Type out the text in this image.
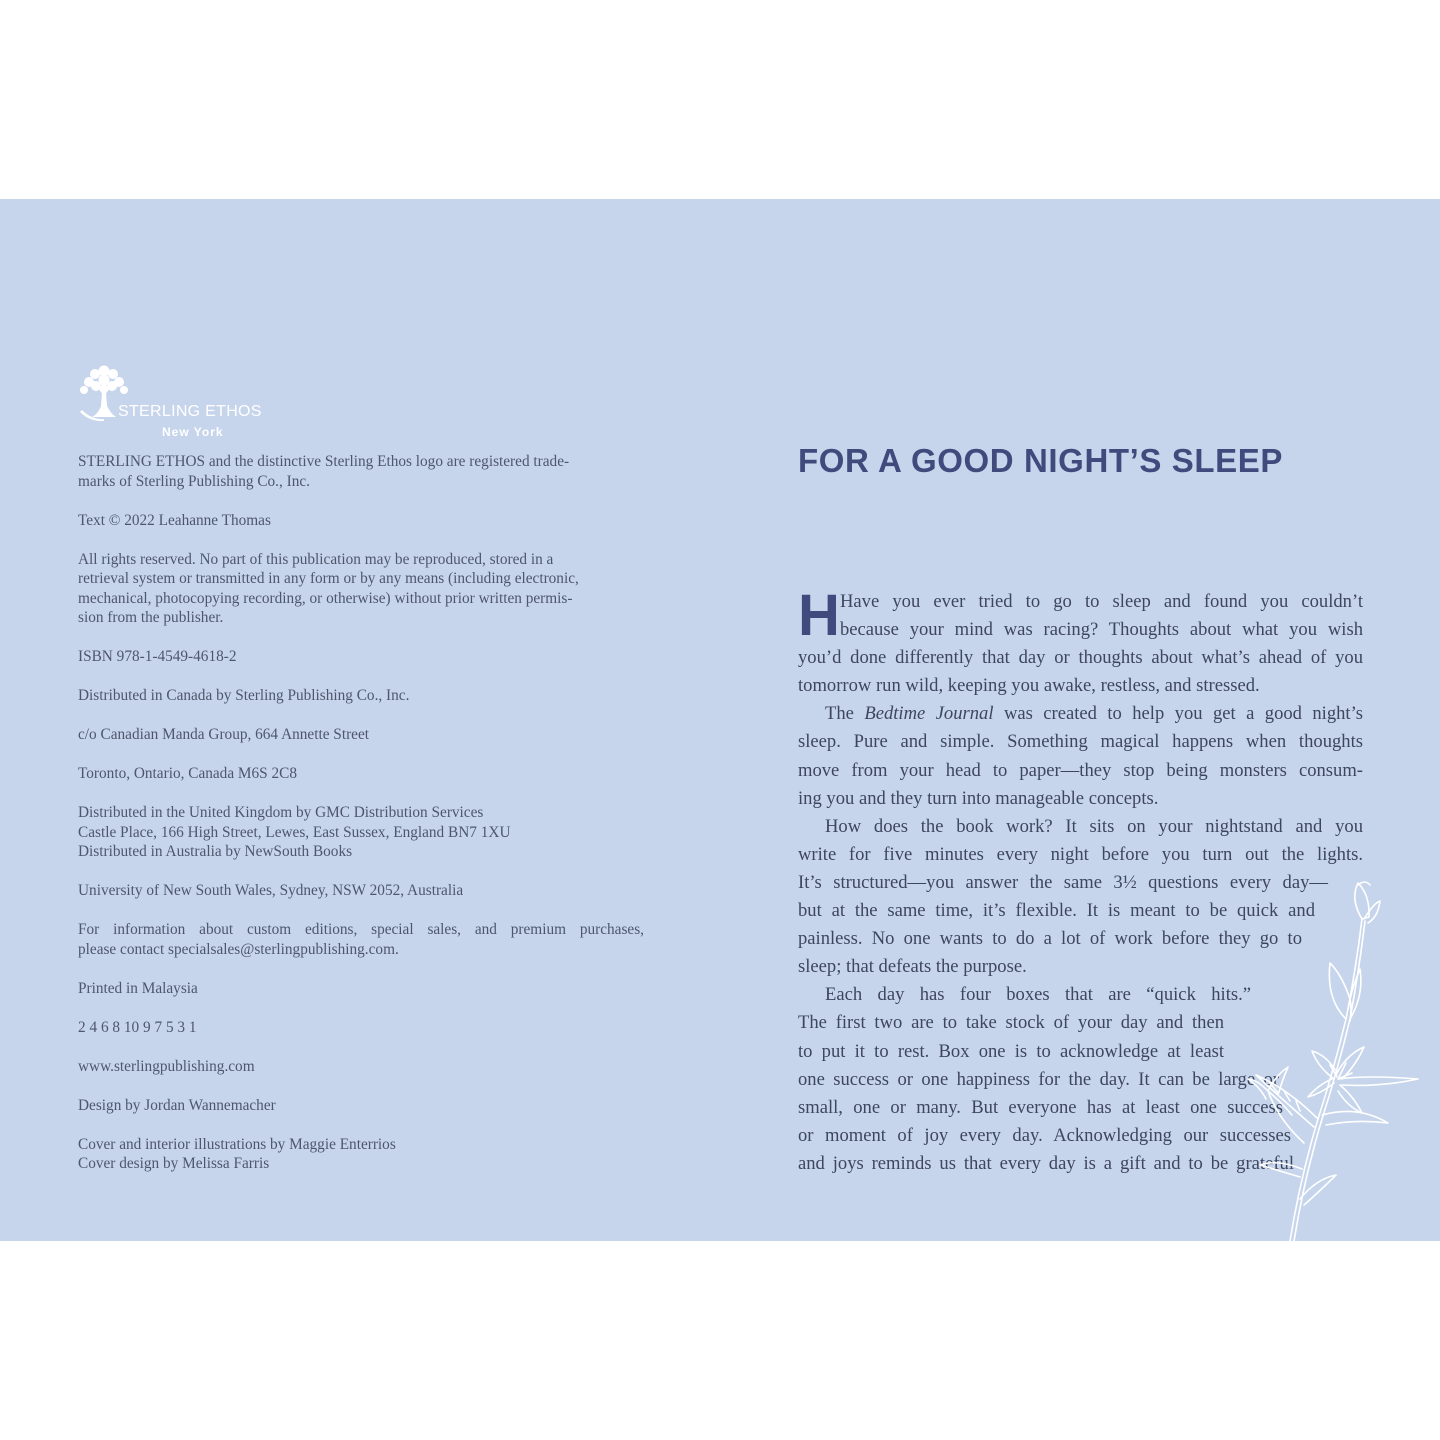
STERLING ETHOS
New York

STERLING ETHOS and the distinctive Sterling Ethos logo are registered trade-
marks of Sterling Publishing Co., Inc.

Text © 2022 Leahanne Thomas

All rights reserved. No part of this publication may be reproduced, stored in a
retrieval system or transmitted in any form or by any means (including electronic,
mechanical, photocopying recording, or otherwise) without prior written permis-
sion from the publisher.

ISBN 978-1-4549-4618-2

Distributed in Canada by Sterling Publishing Co., Inc.

c/o Canadian Manda Group, 664 Annette Street

Toronto, Ontario, Canada M6S 2C8

Distributed in the United Kingdom by GMC Distribution Services
Castle Place, 166 High Street, Lewes, East Sussex, England BN7 1XU
Distributed in Australia by NewSouth Books

University of New South Wales, Sydney, NSW 2052, Australia

For information about custom editions, special sales, and premium purchases,
please contact specialsales@sterlingpublishing.com.

Printed in Malaysia

2 4 6 8 10 9 7 5 3 1

www.sterlingpublishing.com

Design by Jordan Wannemacher

Cover and interior illustrations by Maggie Enterrios
Cover design by Melissa Farris

FOR A GOOD NIGHT’S SLEEP
H Have you ever tried to go to sleep and found you couldn’t
because your mind was racing? Thoughts about what you wish
you’d done differently that day or thoughts about what’s ahead of you
tomorrow run wild, keeping you awake, restless, and stressed.
The Bedtime Journal was created to help you get a good night’s
sleep. Pure and simple. Something magical happens when thoughts
move from your head to paper—they stop being monsters consum-
ing you and they turn into manageable concepts.
How does the book work? It sits on your nightstand and you
write for five minutes every night before you turn out the lights.
It’s structured—you answer the same 3½ questions every day—
but at the same time, it’s flexible. It is meant to be quick and
painless. No one wants to do a lot of work before they go to
sleep; that defeats the purpose.
Each day has four boxes that are “quick hits.”
The first two are to take stock of your day and then
to put it to rest. Box one is to acknowledge at least
one success or one happiness for the day. It can be large or
small, one or many. But everyone has at least one success
or moment of joy every day. Acknowledging our successes
and joys reminds us that every day is a gift and to be grateful
